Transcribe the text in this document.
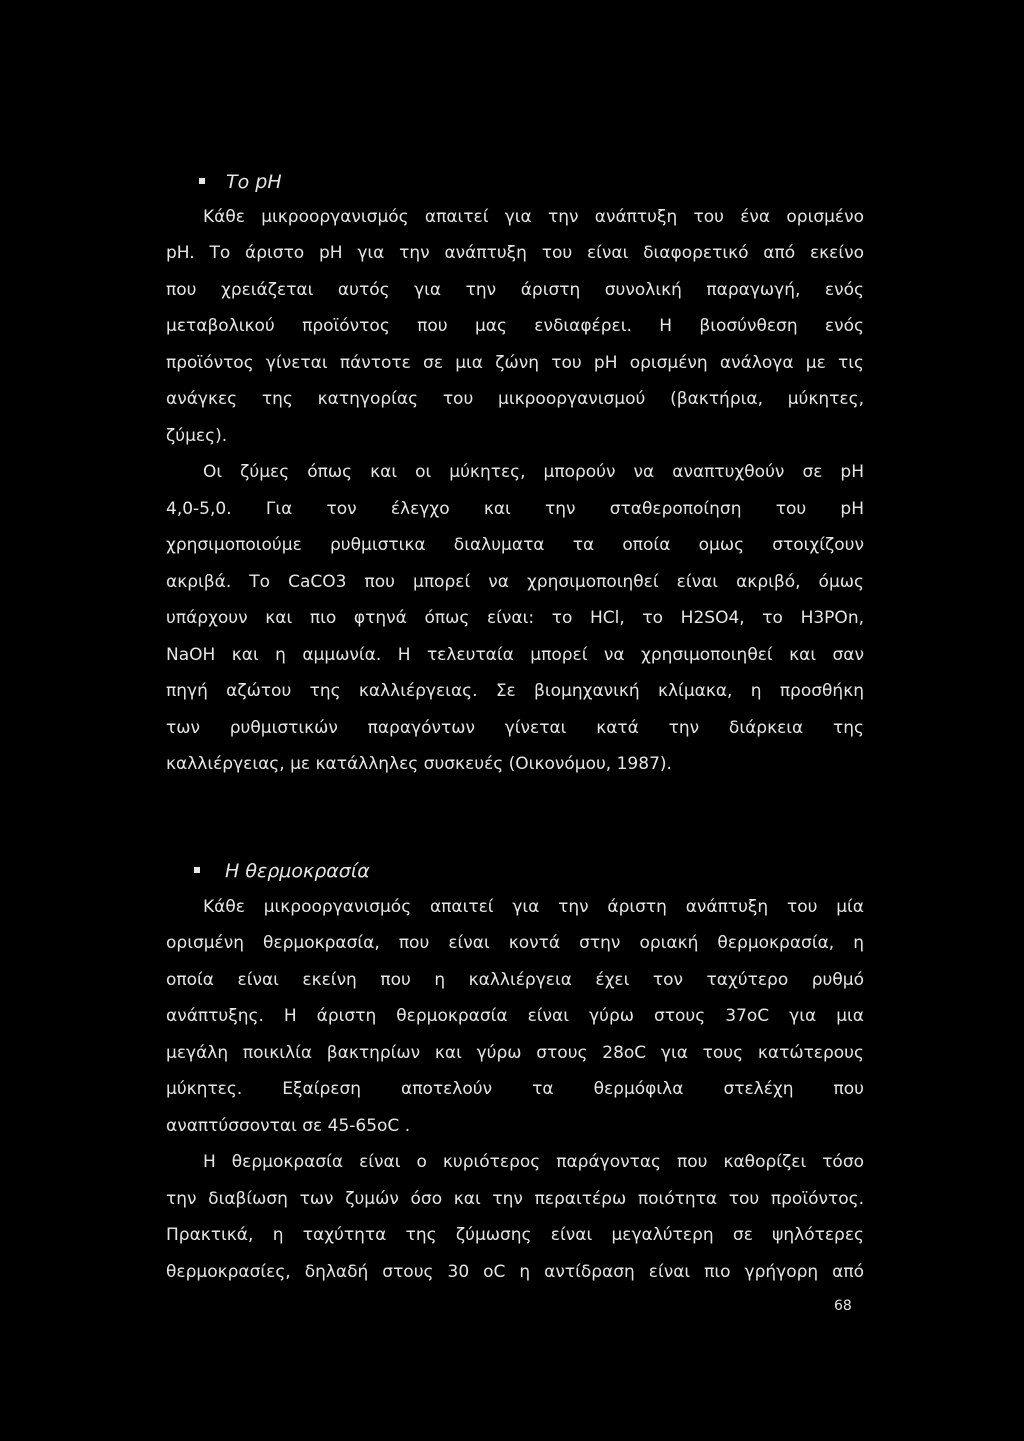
Το pH
Κάθε μικροοργανισμός απαιτεί για την ανάπτυξη του ένα ορισμένο
pH. Το άριστο pH για την ανάπτυξη του είναι διαφορετικό από εκείνο
που χρειάζεται αυτός για την άριστη συνολική παραγωγή, ενός
μεταβολικού προϊόντος που μας ενδιαφέρει. Η βιοσύνθεση ενός
προϊόντος γίνεται πάντοτε σε μια ζώνη του pH ορισμένη ανάλογα με τις
ανάγκες της κατηγορίας του μικροοργανισμού (βακτήρια, μύκητες,
ζύμες).
Οι ζύμες όπως και οι μύκητες, μπορούν να αναπτυχθούν σε pH
4,0-5,0. Για τον έλεγχο και την σταθεροποίηση του pH
χρησιμοποιούμε ρυθμιστικα διαλυματα τα οποία ομως στοιχίζουν
ακριβά. Το CaCO3 που μπορεί να χρησιμοποιηθεί είναι ακριβό, όμως
υπάρχουν και πιο φτηνά όπως είναι: το HCl, το H2SO4, το H3POn,
NaOH και η αμμωνία. Η τελευταία μπορεί να χρησιμοποιηθεί και σαν
πηγή αζώτου της καλλιέργειας. Σε βιομηχανική κλίμακα, η προσθήκη
των ρυθμιστικών παραγόντων γίνεται κατά την διάρκεια της
καλλιέργειας, με κατάλληλες συσκευές (Οικονόμου, 1987).
Η θερμοκρασία
Κάθε μικροοργανισμός απαιτεί για την άριστη ανάπτυξη του μία
ορισμένη θερμοκρασία, που είναι κοντά στην οριακή θερμοκρασία, η
οποία είναι εκείνη που η καλλιέργεια έχει τον ταχύτερο ρυθμό
ανάπτυξης. Η άριστη θερμοκρασία είναι γύρω στους 37oC για μια
μεγάλη ποικιλία βακτηρίων και γύρω στους 28oC για τους κατώτερους
μύκητες. Εξαίρεση αποτελούν τα θερμόφιλα στελέχη που
αναπτύσσονται σε 45-65oC .
Η θερμοκρασία είναι ο κυριότερος παράγοντας που καθορίζει τόσο
την διαβίωση των ζυμών όσο και την περαιτέρω ποιότητα του προϊόντος.
Πρακτικά, η ταχύτητα της ζύμωσης είναι μεγαλύτερη σε ψηλότερες
θερμοκρασίες, δηλαδή στους 30 oC η αντίδραση είναι πιο γρήγορη από
68
